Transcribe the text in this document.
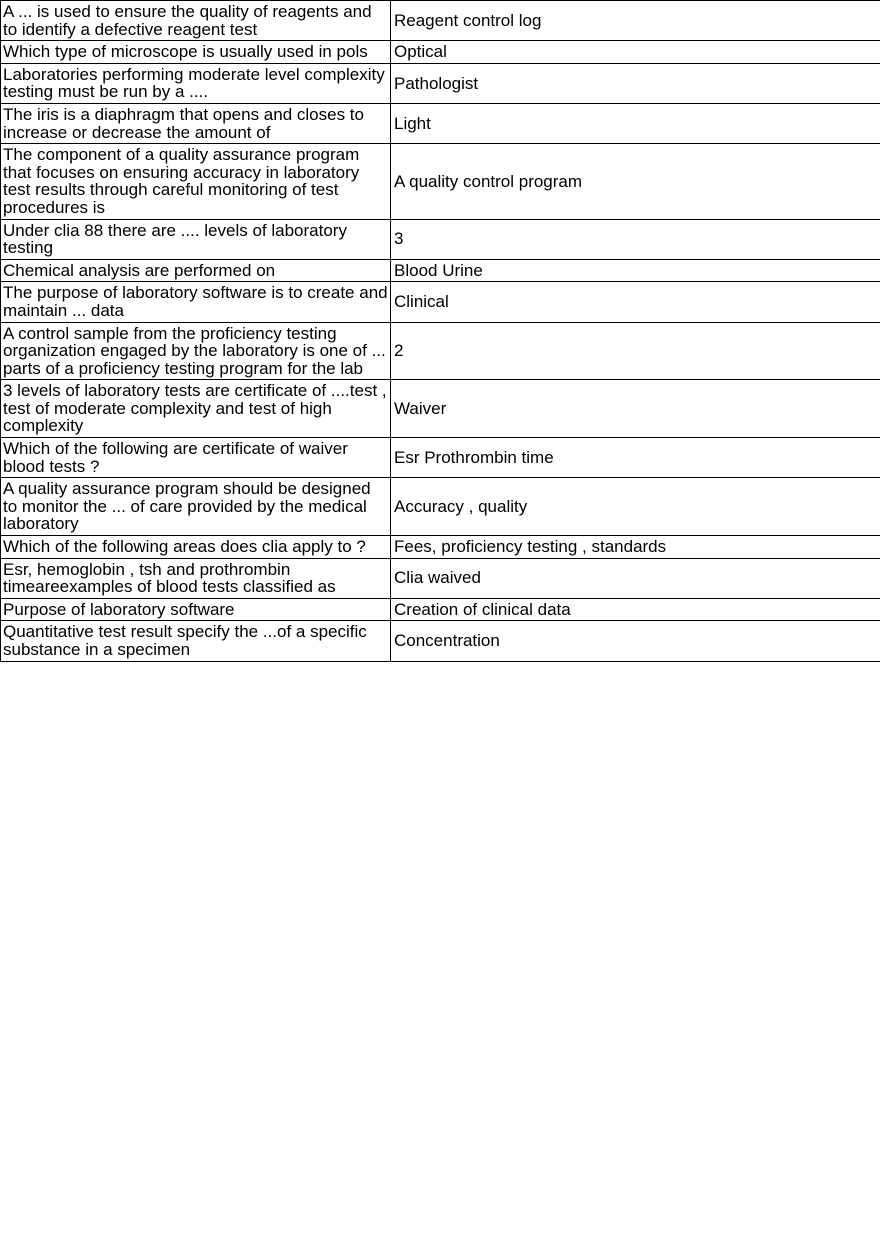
A ... is used to ensure the quality of reagents and to identify a defective reagent test	Reagent control log
Which type of microscope is usually used in pols	Optical
Laboratories performing moderate level complexity testing must be run by a ....	Pathologist
The iris is a diaphragm that opens and closes to increase or decrease the amount of	Light
The component of a quality assurance program that focuses on ensuring accuracy in laboratory test results through careful monitoring of test procedures is	A quality control program
Under clia 88 there are .... levels of laboratory testing	3
Chemical analysis are performed on	Blood Urine
The purpose of laboratory software is to create and maintain ... data	Clinical
A control sample from the proficiency testing organization engaged by the laboratory is one of ... parts of a proficiency testing program for the lab	2
3 levels of laboratory tests are certificate of ....test , test of moderate complexity and test of high complexity	Waiver
Which of the following are certificate of waiver blood tests ?	Esr Prothrombin time
A quality assurance program should be designed to monitor the ... of care provided by the medical laboratory	Accuracy , quality
Which of the following areas does clia apply to ?	Fees, proficiency testing , standards
Esr, hemoglobin , tsh and prothrombin timeareexamples of blood tests classified as	Clia waived
Purpose of laboratory software	Creation of clinical data
Quantitative test result specify the ...of a specific substance in a specimen	Concentration
